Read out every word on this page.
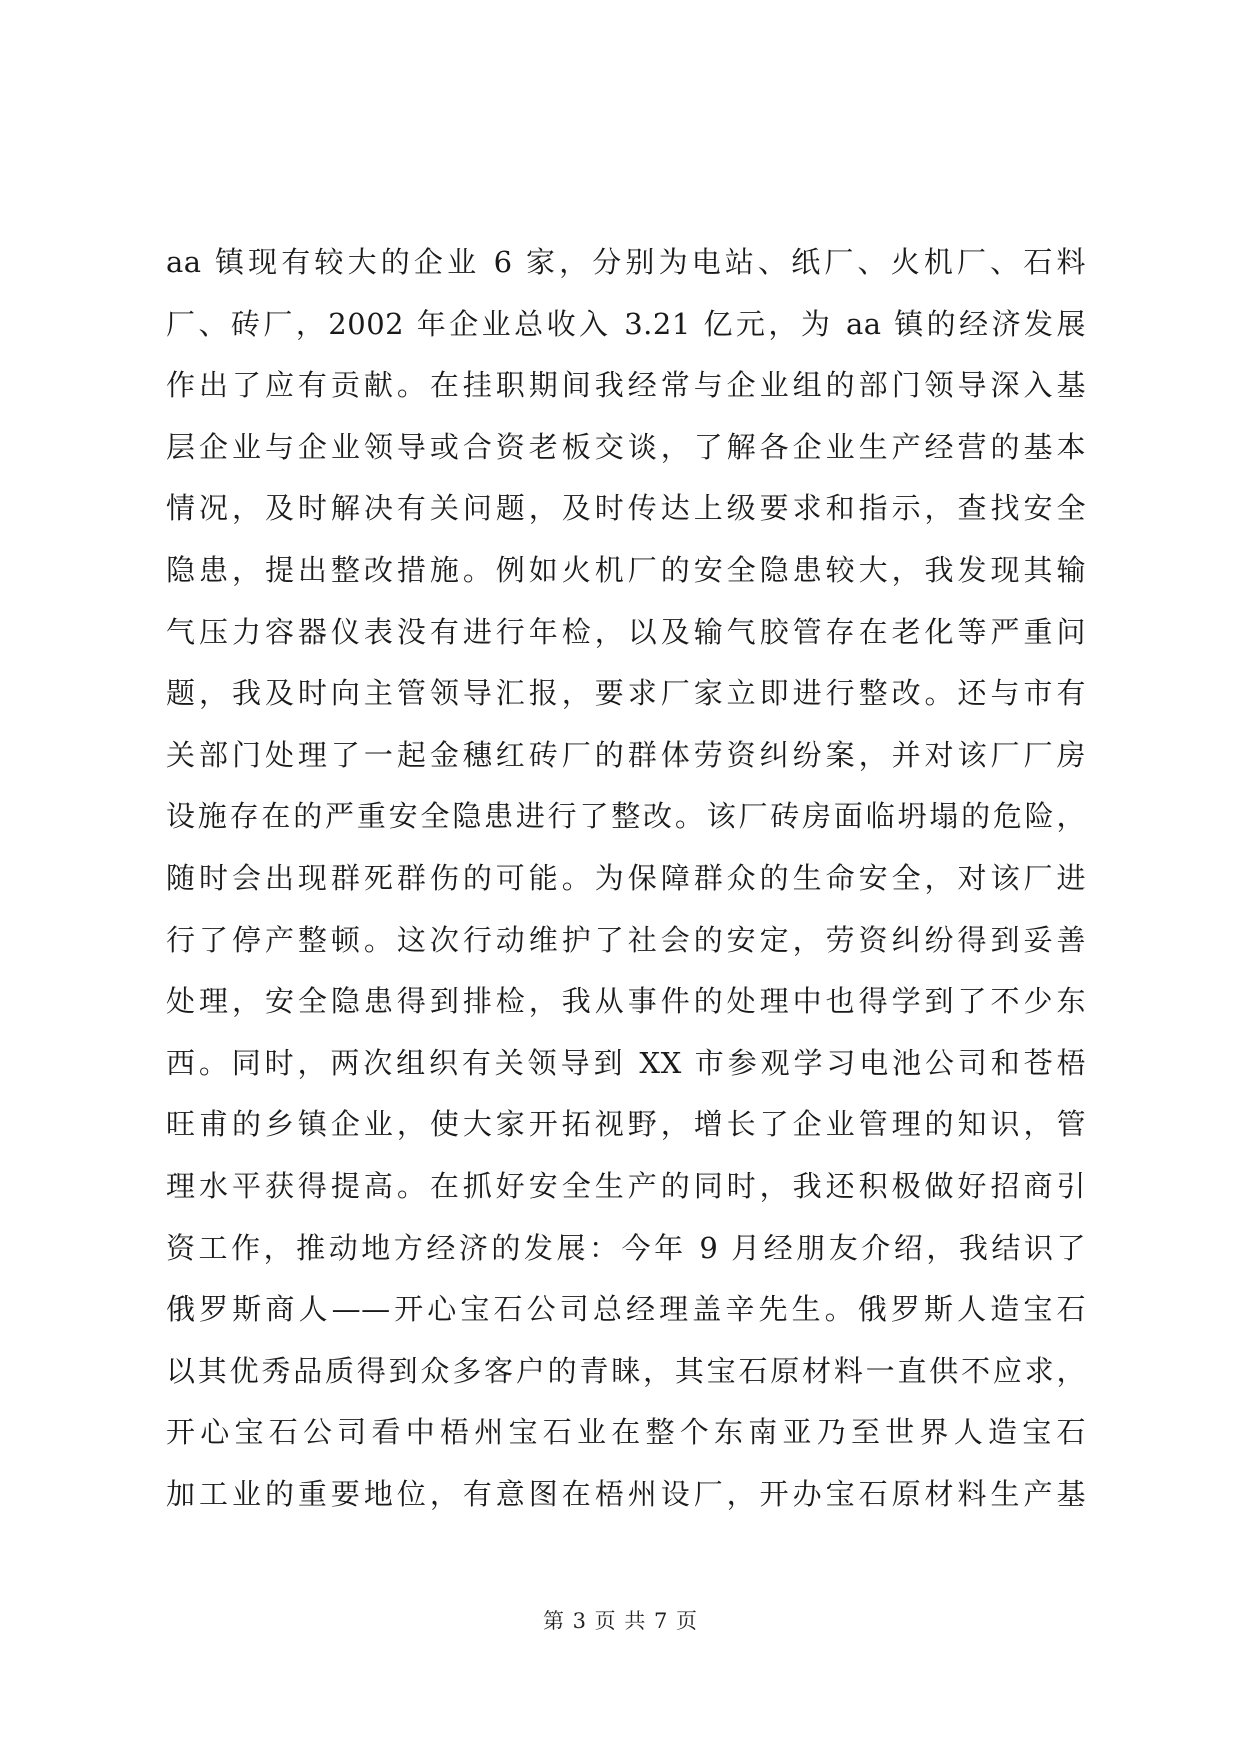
aa 镇现有较大的企业 6 家，分别为电站、纸厂、火机厂、石料
厂、砖厂，2002 年企业总收入 3.21 亿元，为 aa 镇的经济发展
作出了应有贡献。在挂职期间我经常与企业组的部门领导深入基
层企业与企业领导或合资老板交谈，了解各企业生产经营的基本
情况，及时解决有关问题，及时传达上级要求和指示，查找安全
隐患，提出整改措施。例如火机厂的安全隐患较大，我发现其输
气压力容器仪表没有进行年检，以及输气胶管存在老化等严重问
题，我及时向主管领导汇报，要求厂家立即进行整改。还与市有
关部门处理了一起金穗红砖厂的群体劳资纠纷案，并对该厂厂房
设施存在的严重安全隐患进行了整改。该厂砖房面临坍塌的危险，
随时会出现群死群伤的可能。为保障群众的生命安全，对该厂进
行了停产整顿。这次行动维护了社会的安定，劳资纠纷得到妥善
处理，安全隐患得到排检，我从事件的处理中也得学到了不少东
西。同时，两次组织有关领导到 XX 市参观学习电池公司和苍梧
旺甫的乡镇企业，使大家开拓视野，增长了企业管理的知识，管
理水平获得提高。在抓好安全生产的同时，我还积极做好招商引
资工作，推动地方经济的发展：今年 9 月经朋友介绍，我结识了
俄罗斯商人——开心宝石公司总经理盖辛先生。俄罗斯人造宝石
以其优秀品质得到众多客户的青睐，其宝石原材料一直供不应求，
开心宝石公司看中梧州宝石业在整个东南亚乃至世界人造宝石
加工业的重要地位，有意图在梧州设厂，开办宝石原材料生产基
第 3 页 共 7 页
